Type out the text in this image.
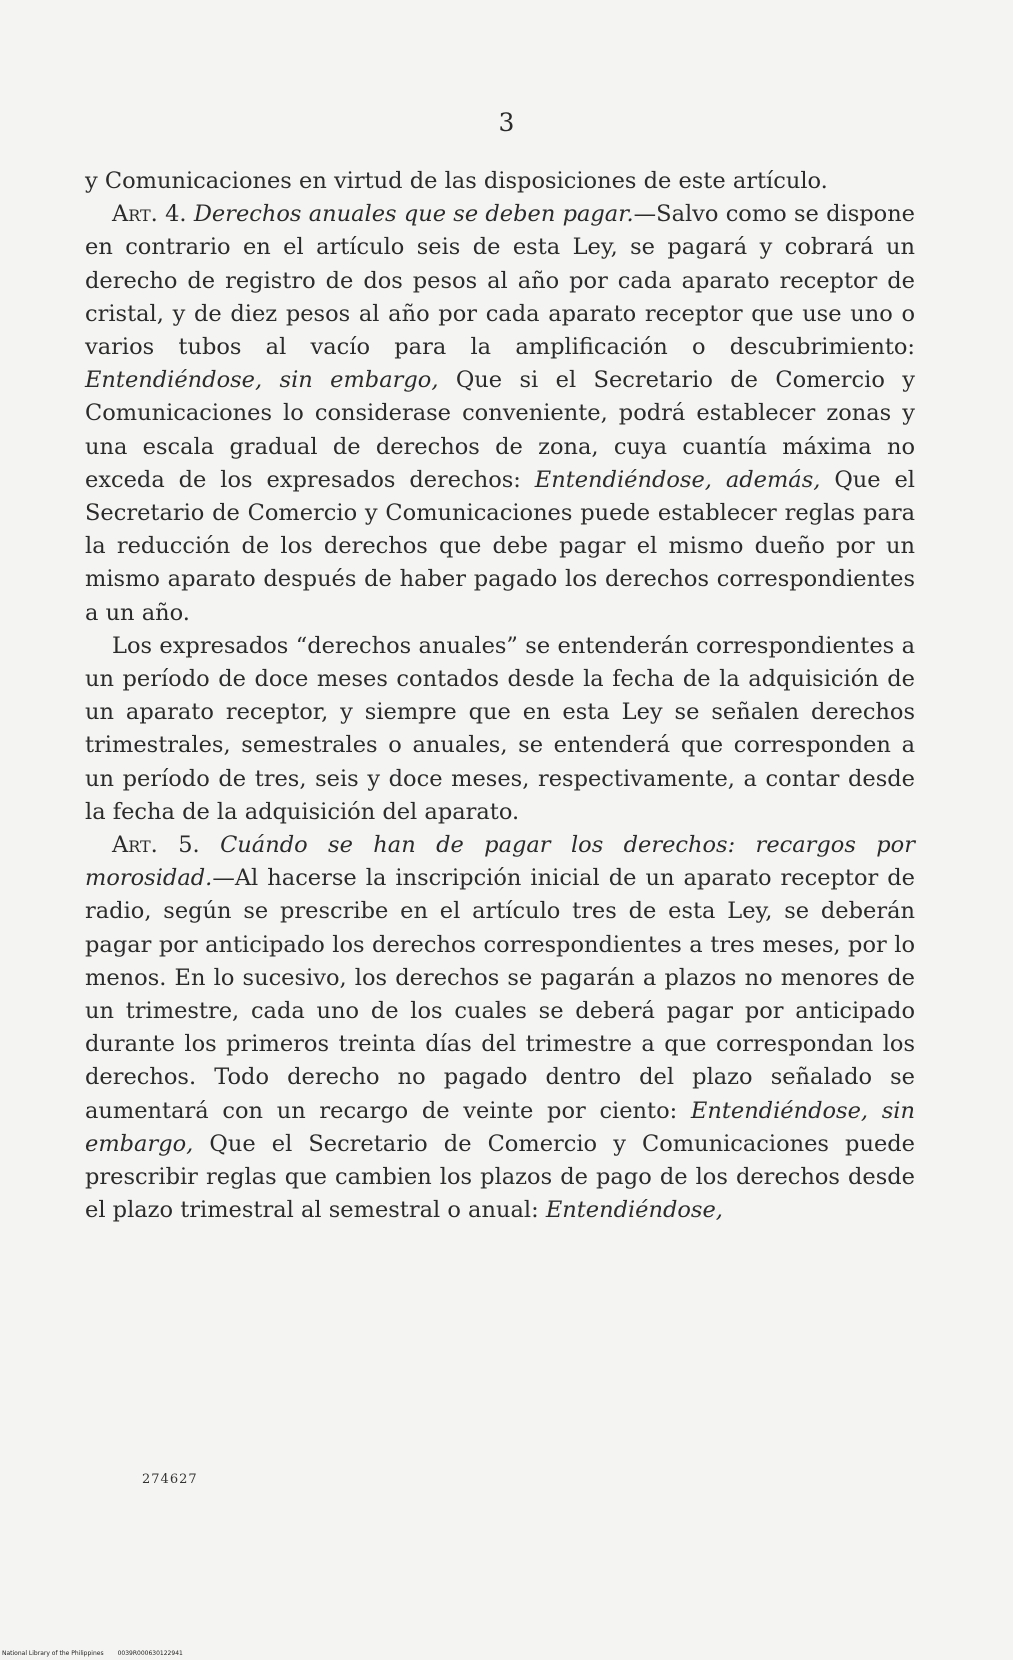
3

y Comunicaciones en virtud de las disposiciones de este artículo.

Art. 4. Derechos anuales que se deben pagar.—Salvo como se dispone en contrario en el artículo seis de esta Ley, se pagará y cobrará un derecho de registro de dos pesos al año por cada aparato receptor de cristal, y de diez pesos al año por cada aparato receptor que use uno o varios tubos al vacío para la amplificación o descubrimiento: Entendiéndose, sin embargo, Que si el Secretario de Comercio y Comunicaciones lo considerase conveniente, podrá establecer zonas y una escala gradual de derechos de zona, cuya cuantía máxima no exceda de los expresados derechos: Entendiéndose, además, Que el Secretario de Comercio y Comunicaciones puede establecer reglas para la reducción de los derechos que debe pagar el mismo dueño por un mismo aparato después de haber pagado los derechos correspondientes a un año.

Los expresados “derechos anuales” se entenderán correspondientes a un período de doce meses contados desde la fecha de la adquisición de un aparato receptor, y siempre que en esta Ley se señalen derechos trimestrales, semestrales o anuales, se entenderá que corresponden a un período de tres, seis y doce meses, respectivamente, a contar desde la fecha de la adquisición del aparato.

Art. 5. Cuándo se han de pagar los derechos: recargos por morosidad.—Al hacerse la inscripción inicial de un aparato receptor de radio, según se prescribe en el artículo tres de esta Ley, se deberán pagar por anticipado los derechos correspondientes a tres meses, por lo menos. En lo sucesivo, los derechos se pagarán a plazos no menores de un trimestre, cada uno de los cuales se deberá pagar por anticipado durante los primeros treinta días del trimestre a que correspondan los derechos. Todo derecho no pagado dentro del plazo señalado se aumentará con un recargo de veinte por ciento: Entendiéndose, sin embargo, Que el Secretario de Comercio y Comunicaciones puede prescribir reglas que cambien los plazos de pago de los derechos desde el plazo trimestral al semestral o anual: Entendiéndose,

274627
National Library of the Philippines 0039R000630122941
